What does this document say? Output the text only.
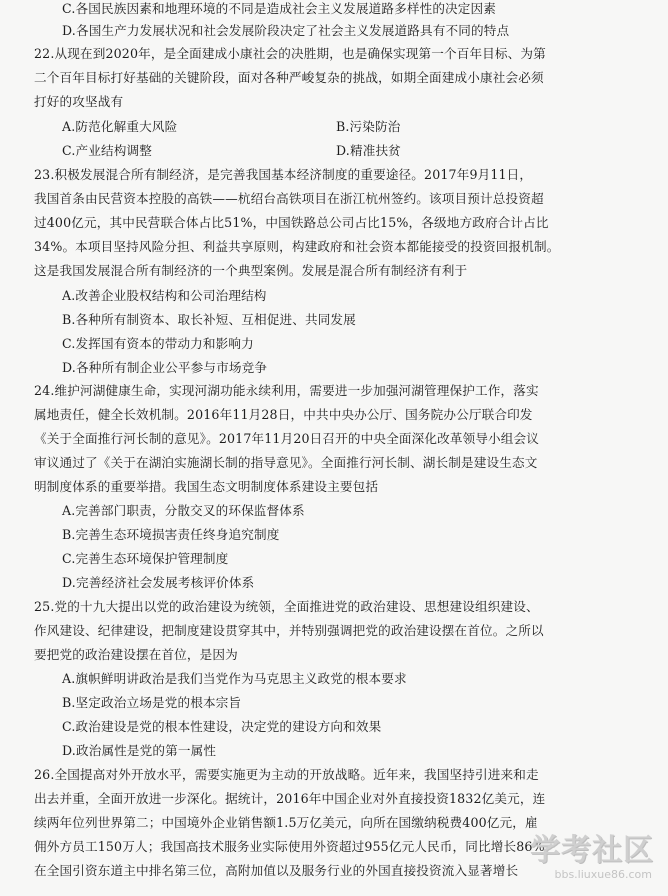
C.各国民族因素和地理环境的不同是造成社会主义发展道路多样性的决定因素
D.各国生产力发展状况和社会发展阶段决定了社会主义发展道路具有不同的特点
22.从现在到2020年，是全面建成小康社会的决胜期，也是确保实现第一个百年目标、为第
二个百年目标打好基础的关键阶段，面对各种严峻复杂的挑战，如期全面建成小康社会必须
打好的攻坚战有
A.防范化解重大风险	B.污染防治
C.产业结构调整	D.精准扶贫
23.积极发展混合所有制经济，是完善我国基本经济制度的重要途径。2017年9月11日，
我国首条由民营资本控股的高铁——杭绍台高铁项目在浙江杭州签约。该项目预计总投资超
过400亿元，其中民营联合体占比51%，中国铁路总公司占比15%，各级地方政府合计占比
34%。本项目坚持风险分担、利益共享原则，构建政府和社会资本都能接受的投资回报机制。
这是我国发展混合所有制经济的一个典型案例。发展是混合所有制经济有利于
A.改善企业股权结构和公司治理结构
B.各种所有制资本、取长补短、互相促进、共同发展
C.发挥国有资本的带动力和影响力
D.各种所有制企业公平参与市场竞争
24.维护河湖健康生命，实现河湖功能永续利用，需要进一步加强河湖管理保护工作，落实
属地责任，健全长效机制。2016年11月28日，中共中央办公厅、国务院办公厅联合印发
《关于全面推行河长制的意见》。2017年11月20日召开的中央全面深化改革领导小组会议
审议通过了《关于在湖泊实施湖长制的指导意见》。全面推行河长制、湖长制是建设生态文
明制度体系的重要举措。我国生态文明制度体系建设主要包括
A.完善部门职责，分散交叉的环保监督体系
B.完善生态环境损害责任终身追究制度
C.完善生态环境保护管理制度
D.完善经济社会发展考核评价体系
25.党的十九大提出以党的政治建设为统领，全面推进党的政治建设、思想建设组织建设、
作风建设、纪律建设，把制度建设贯穿其中，并特别强调把党的政治建设摆在首位。之所以
要把党的政治建设摆在首位，是因为
A.旗帜鲜明讲政治是我们当党作为马克思主义政党的根本要求
B.坚定政治立场是党的根本宗旨
C.政治建设是党的根本性建设，决定党的建设方向和效果
D.政治属性是党的第一属性
26.全国提高对外开放水平，需要实施更为主动的开放战略。近年来，我国坚持引进来和走
出去并重，全面开放进一步深化。据统计，2016年中国企业对外直接投资1832亿美元，连
续两年位列世界第二；中国境外企业销售额1.5万亿美元，向所在国缴纳税费400亿元，雇
佣外方员工150万人；我国高技术服务业实际使用外资超过955亿元人民币，同比增长86%
在全国引资东道主中排名第三位，高附加值以及服务行业的外国直接投资流入显著增长
学考社区
bbs.liuxue86.com
